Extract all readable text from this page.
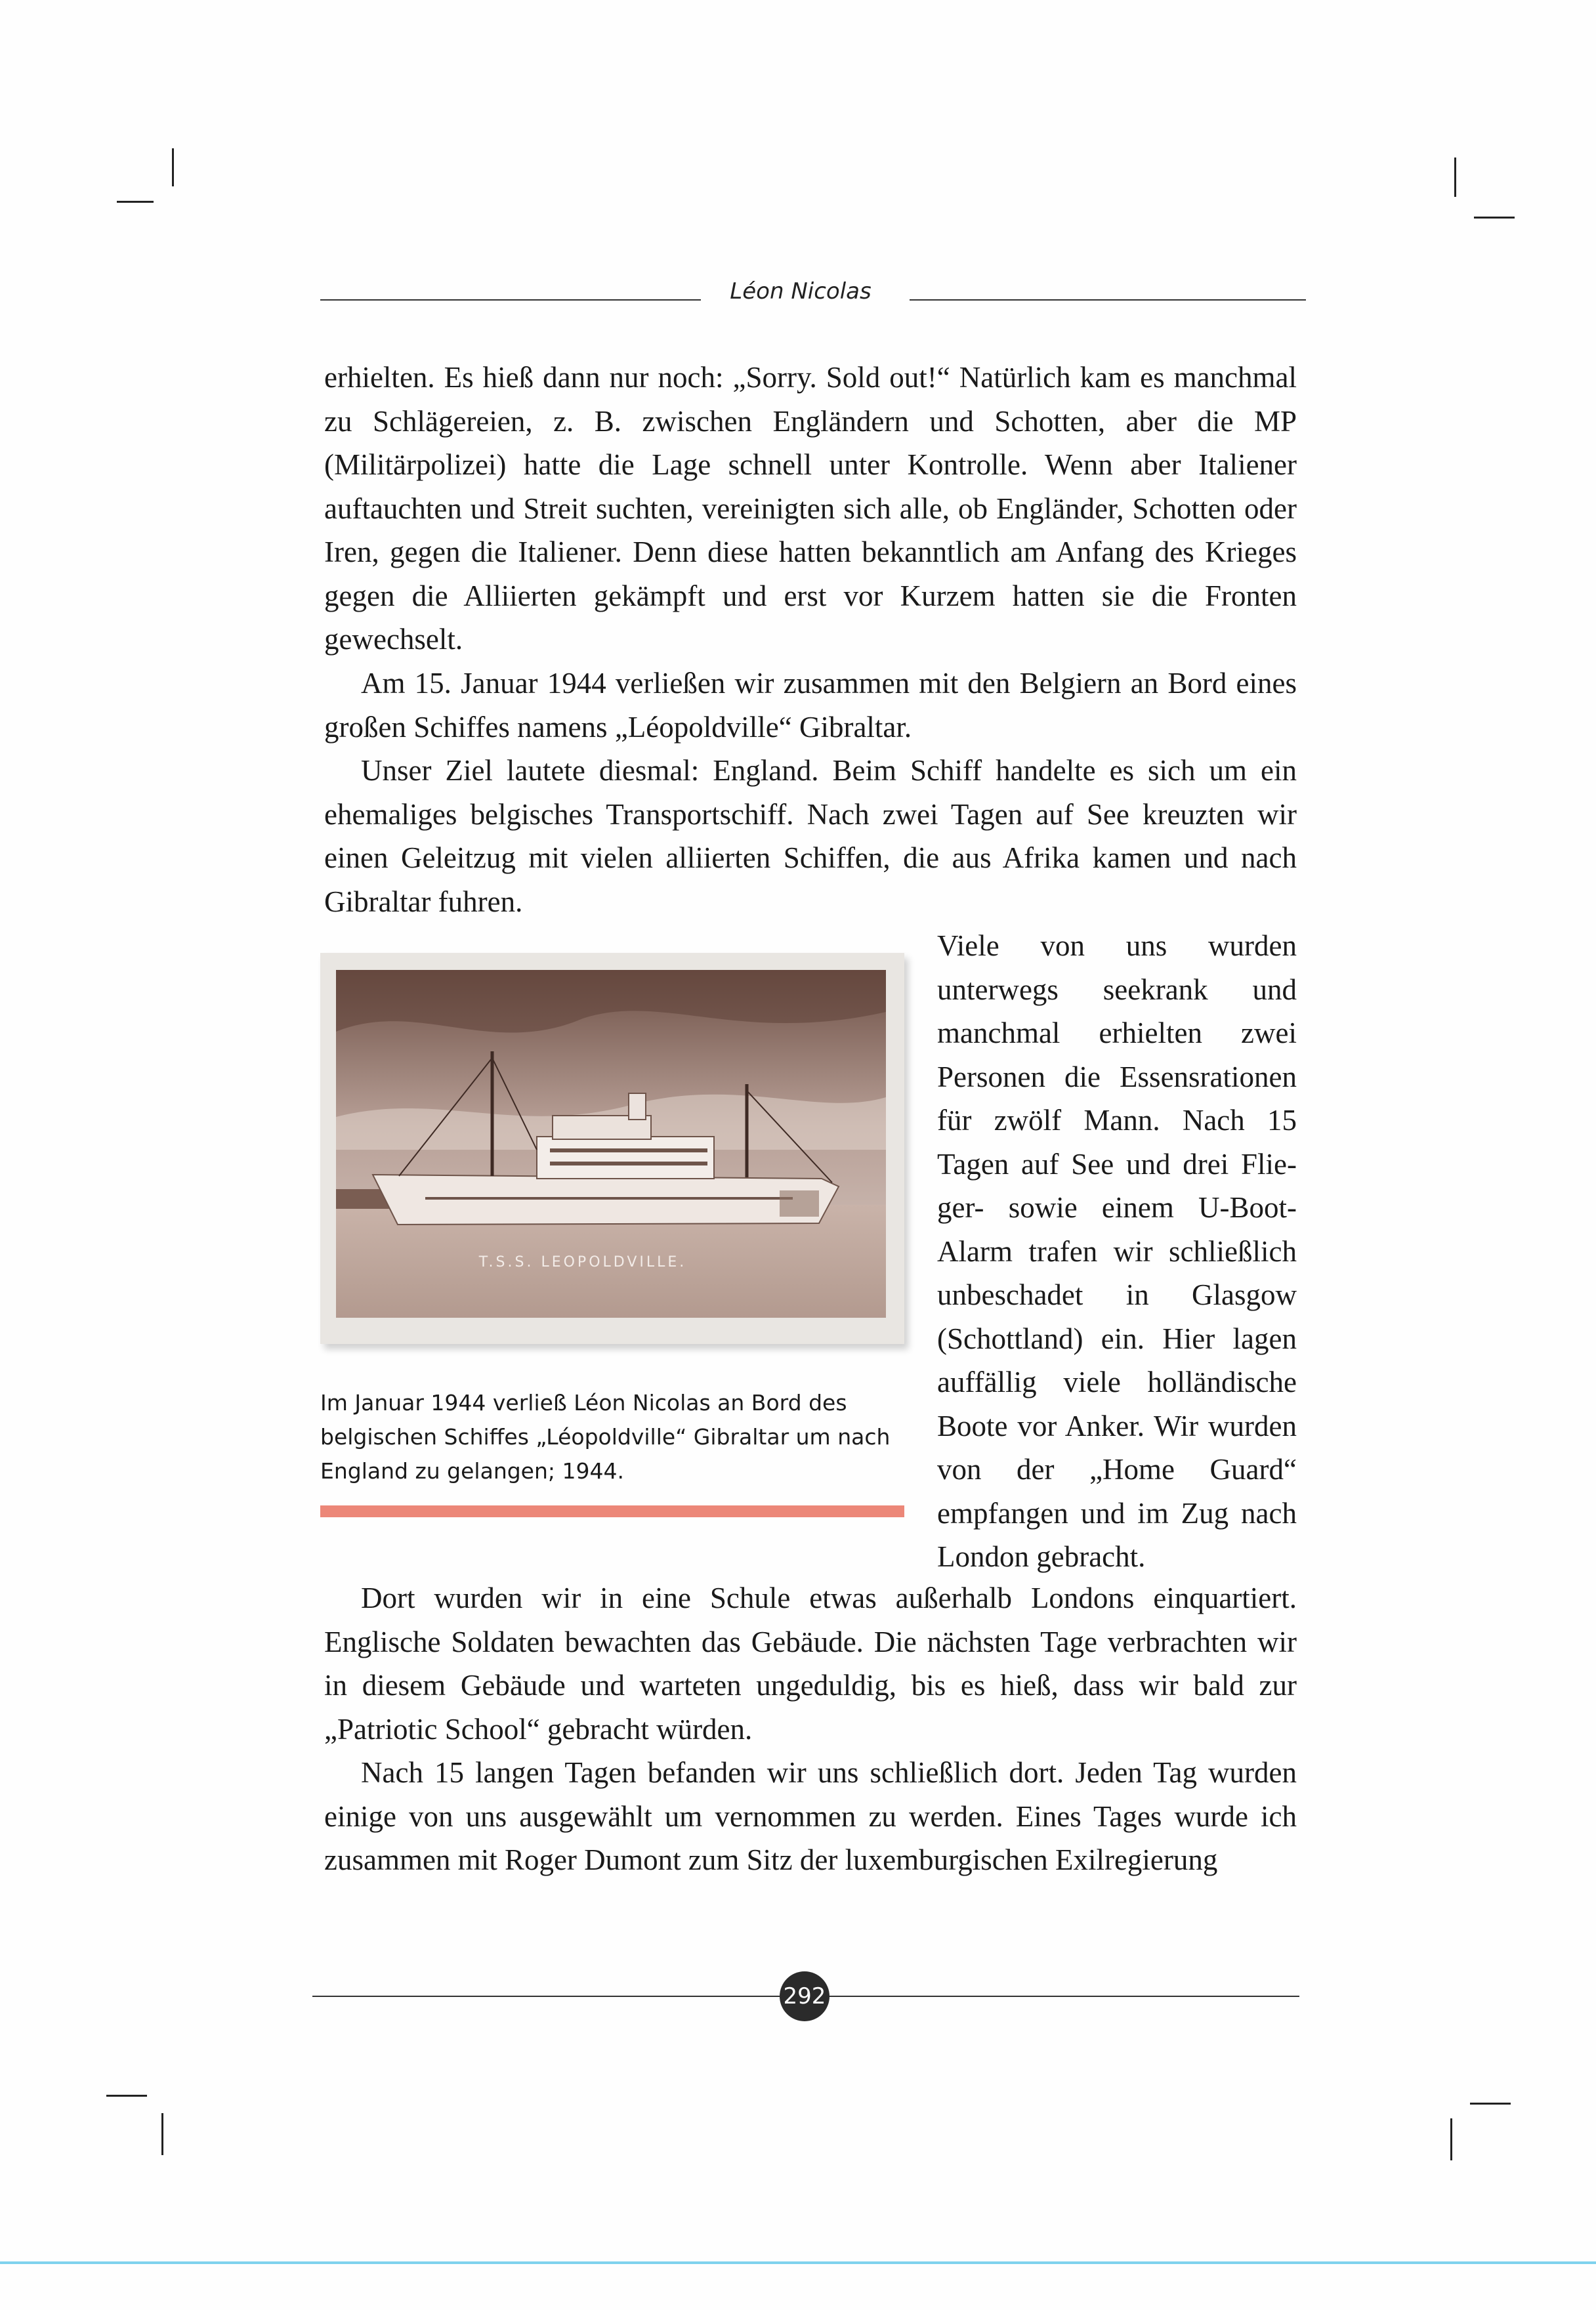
Léon Nicolas

erhielten. Es hieß dann nur noch: „Sorry. Sold out!“ Natürlich kam es manchmal zu Schlägereien, z. B. zwischen Engländern und Schotten, aber die MP (Militärpolizei) hatte die Lage schnell unter Kontrolle. Wenn aber Italiener auftauchten und Streit suchten, vereinigten sich alle, ob Engländer, Schotten oder Iren, gegen die Italiener. Denn diese hatten bekanntlich am Anfang des Krieges gegen die Alliierten gekämpft und erst vor Kurzem hatten sie die Fronten gewechselt.

Am 15. Januar 1944 verließen wir zusammen mit den Belgiern an Bord eines großen Schiffes namens „Léopoldville“ Gibraltar.

Unser Ziel lautete diesmal: England. Beim Schiff handelte es sich um ein ehemaliges belgisches Transportschiff. Nach zwei Tagen auf See kreuzten wir einen Geleitzug mit vielen alliierten Schiffen, die aus Afrika kamen und nach Gibraltar fuhren.

T.S.S. LEOPOLDVILLE.

Im Januar 1944 verließ Léon Nicolas an Bord des belgischen Schiffes „Léopoldville“ Gibraltar um nach England zu gelangen; 1944.

Viele von uns wurden unterwegs seekrank und manchmal erhielten zwei Personen die Essensrationen für zwölf Mann. Nach 15 Tagen auf See und drei Flieger- sowie einem U-Boot-Alarm trafen wir schließlich unbeschadet in Glasgow (Schottland) ein. Hier lagen auffällig viele holländische Boote vor Anker. Wir wurden von der „Home Guard“ empfangen und im Zug nach London gebracht.

Dort wurden wir in eine Schule etwas außerhalb Londons einquartiert. Englische Soldaten bewachten das Gebäude. Die nächsten Tage verbrachten wir in diesem Gebäude und warteten ungeduldig, bis es hieß, dass wir bald zur „Patriotic School“ gebracht würden.

Nach 15 langen Tagen befanden wir uns schließlich dort. Jeden Tag wurden einige von uns ausgewählt um vernommen zu werden. Eines Tages wurde ich zusammen mit Roger Dumont zum Sitz der luxemburgischen Exilregierung

292
